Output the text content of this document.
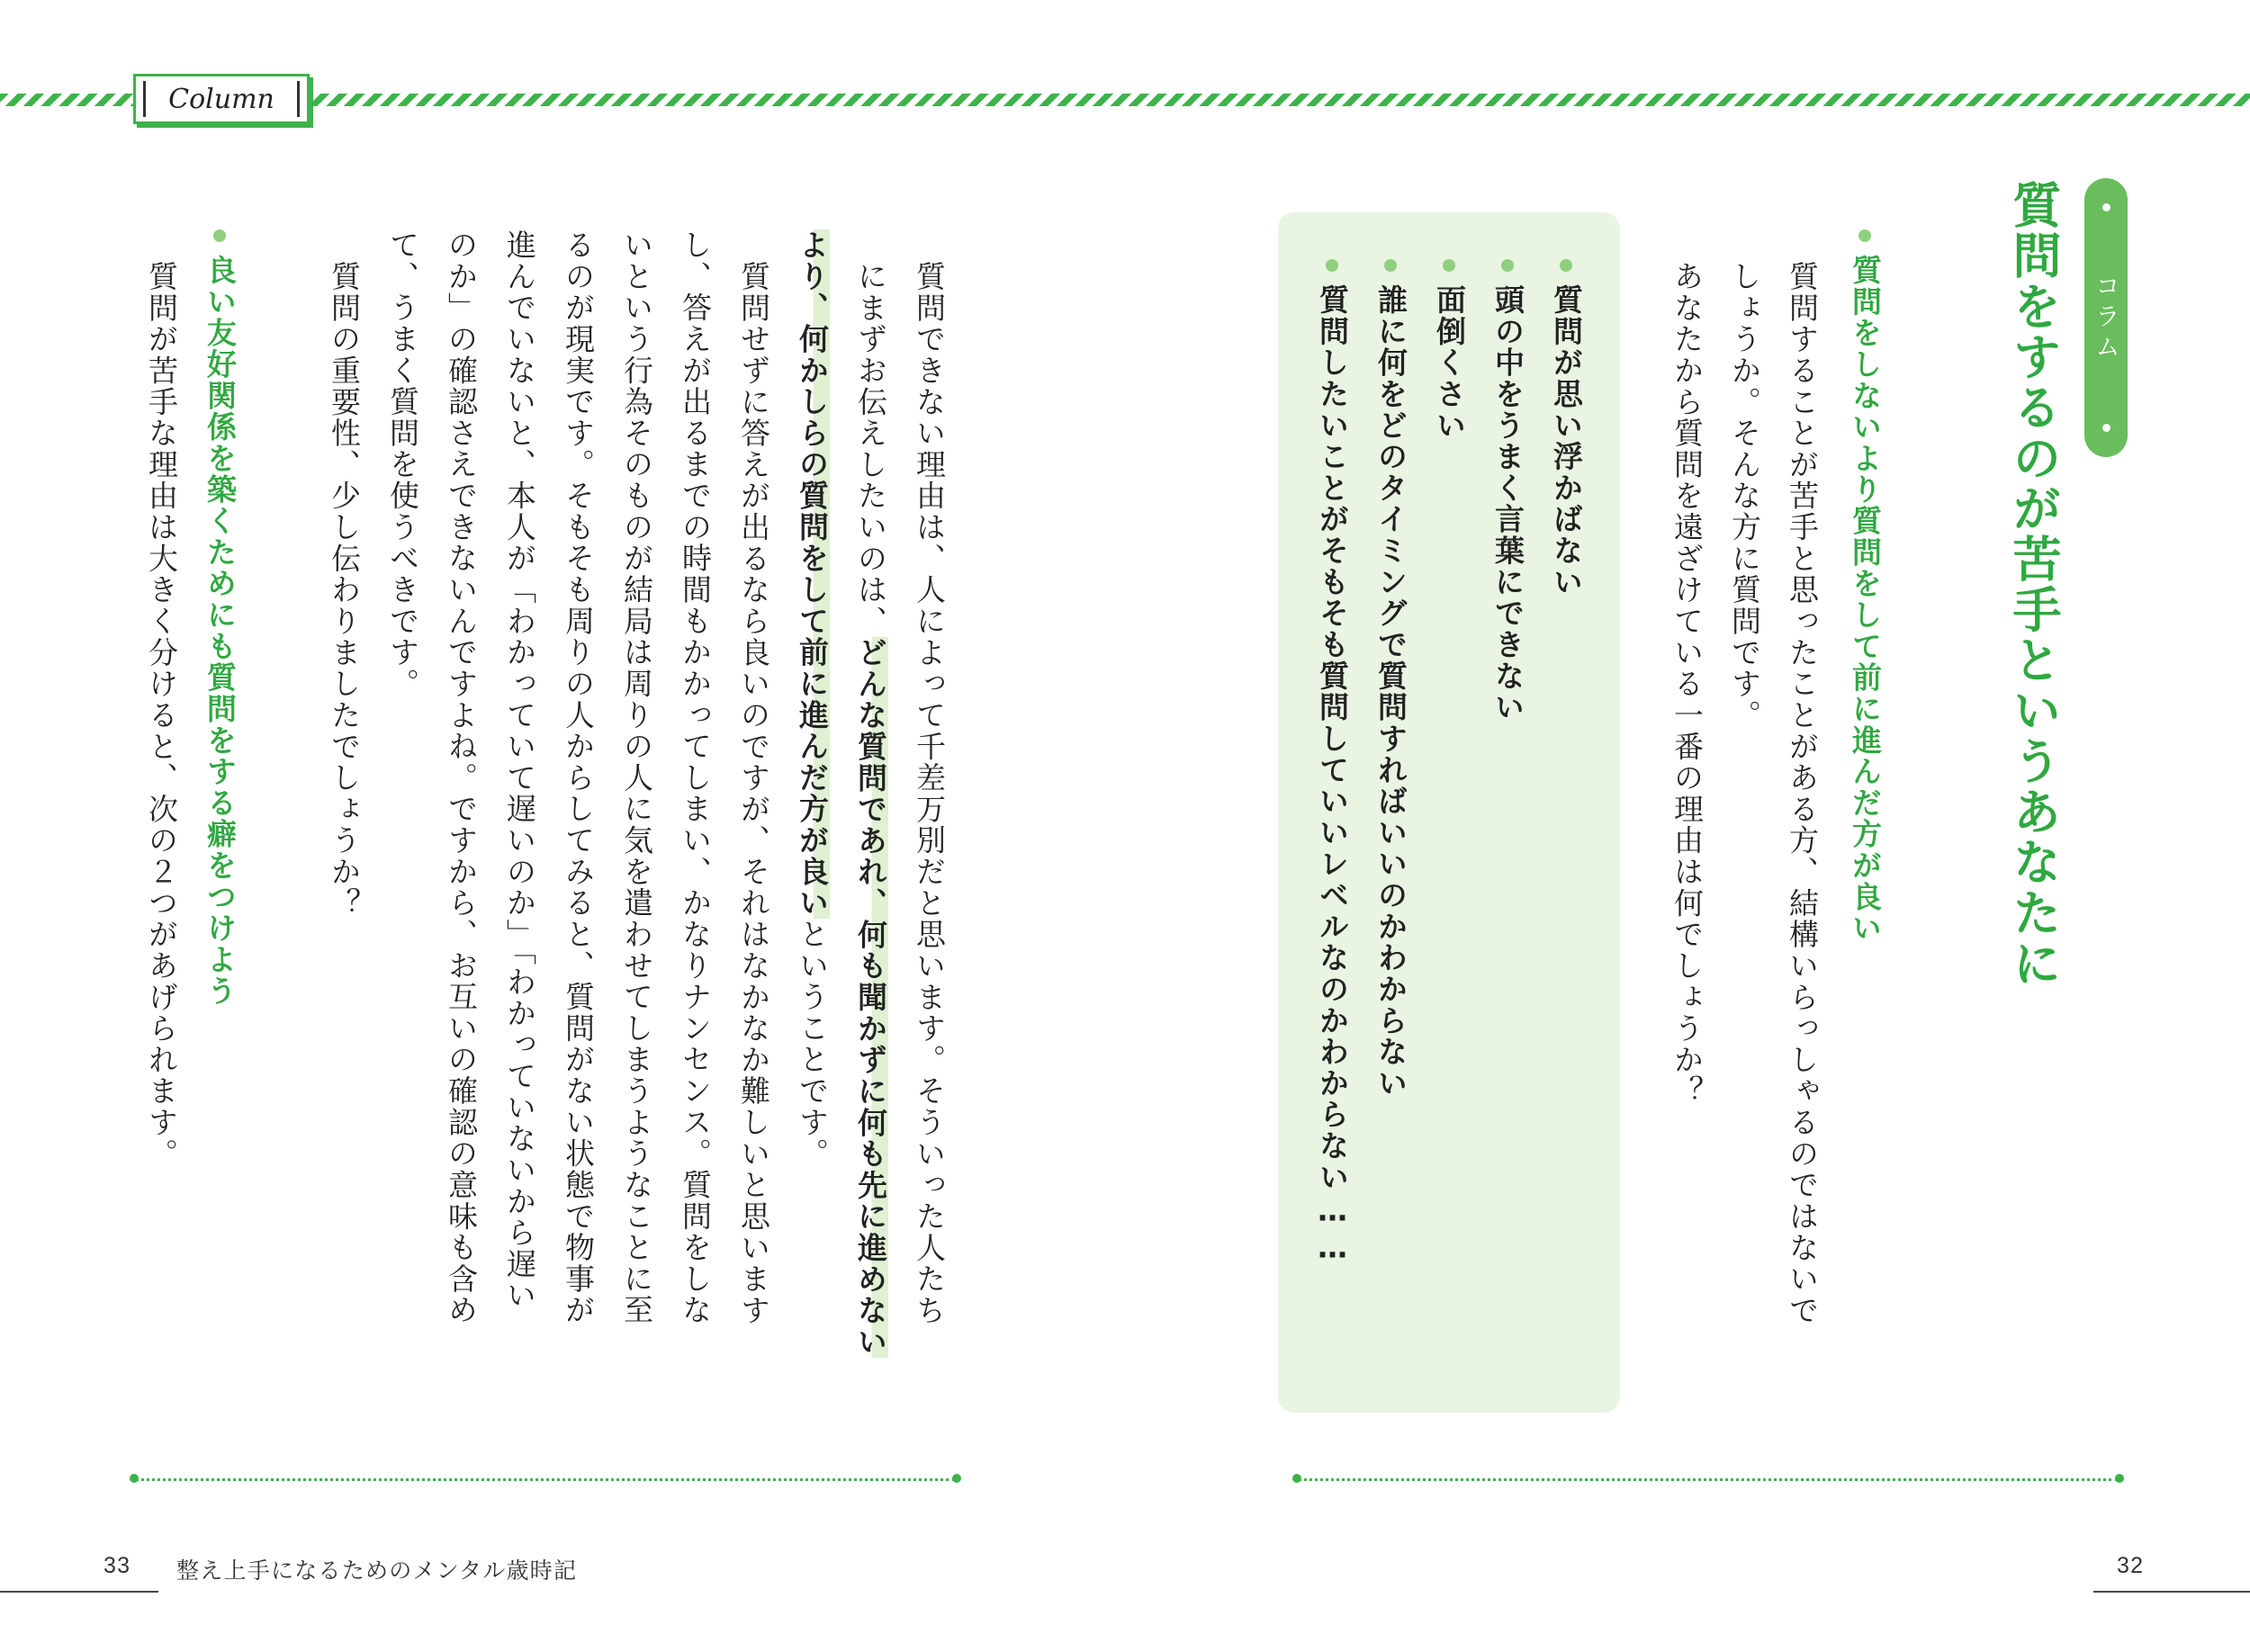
Column
コラム
質問をするのが苦手というあなたに
質問をしないより質問をして前に進んだ方が良い
質問することが苦手と思ったことがある方、結構いらっしゃるのではないで
しょうか。そんな方に質問です。
あなたから質問を遠ざけている一番の理由は何でしょうか？
質問が思い浮かばない
頭の中をうまく言葉にできない
面倒くさい
誰に何をどのタイミングで質問すればいいのかわからない
質問したいことがそもそも質問していいレベルなのかわからない……
32
質問できない理由は、人によって千差万別だと思います。そういった人たち
にまずお伝えしたいのは、どんな質問であれ、何も聞かずに何も先に進めない
より、何かしらの質問をして前に進んだ方が良いということです。
質問せずに答えが出るなら良いのですが、それはなかなか難しいと思います
し、答えが出るまでの時間もかかってしまい、かなりナンセンス。質問をしな
いという行為そのものが結局は周りの人に気を遣わせてしまうようなことに至
るのが現実です。そもそも周りの人からしてみると、質問がない状態で物事が
進んでいないと、本人が「わかっていて遅いのか」「わかっていないから遅い
のか」の確認さえできないんですよね。ですから、お互いの確認の意味も含め
て、うまく質問を使うべきです。
質問の重要性、少し伝わりましたでしょうか？
良い友好関係を築くためにも質問をする癖をつけよう
質問が苦手な理由は大きく分けると、次の２つがあげられます。
33 整え上手になるためのメンタル歳時記
